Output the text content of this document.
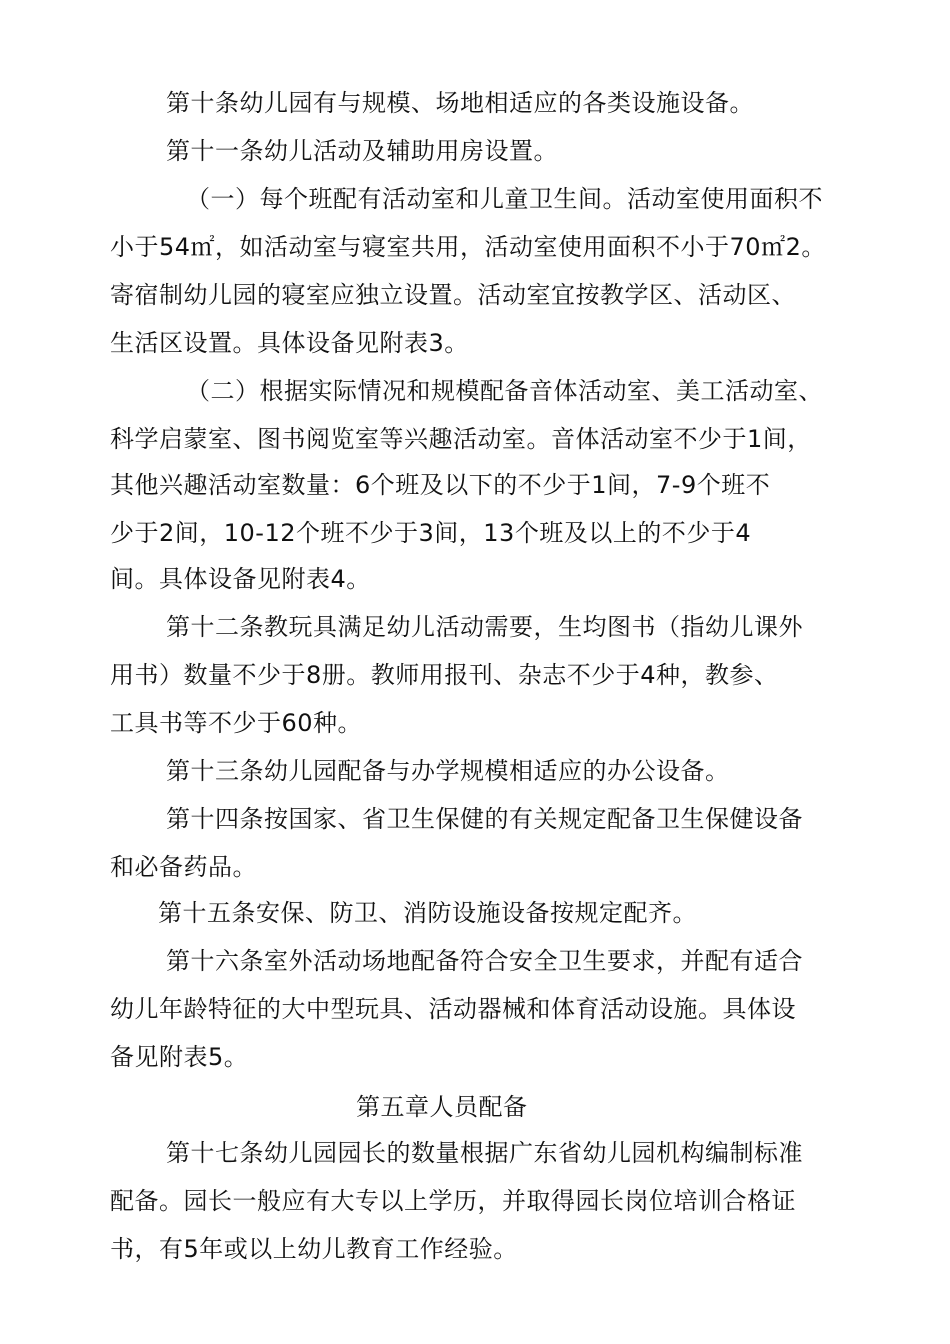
第十条幼儿园有与规模、场地相适应的各类设施设备。

第十一条幼儿活动及辅助用房设置。

（一）每个班配有活动室和儿童卫生间。活动室使用面积不

小于54㎡，如活动室与寝室共用，活动室使用面积不小于70㎡2。

寄宿制幼儿园的寝室应独立设置。活动室宜按教学区、活动区、

生活区设置。具体设备见附表3。

（二）根据实际情况和规模配备音体活动室、美工活动室、

科学启蒙室、图书阅览室等兴趣活动室。音体活动室不少于1间，

其他兴趣活动室数量：6个班及以下的不少于1间，7-9个班不

少于2间，10-12个班不少于3间，13个班及以上的不少于4

间。具体设备见附表4。

第十二条教玩具满足幼儿活动需要，生均图书（指幼儿课外

用书）数量不少于8册。教师用报刊、杂志不少于4种，教参、

工具书等不少于60种。

第十三条幼儿园配备与办学规模相适应的办公设备。

第十四条按国家、省卫生保健的有关规定配备卫生保健设备

和必备药品。

第十五条安保、防卫、消防设施设备按规定配齐。

第十六条室外活动场地配备符合安全卫生要求，并配有适合

幼儿年龄特征的大中型玩具、活动器械和体育活动设施。具体设

备见附表5。

第五章人员配备

第十七条幼儿园园长的数量根据广东省幼儿园机构编制标准

配备。园长一般应有大专以上学历，并取得园长岗位培训合格证

书，有5年或以上幼儿教育工作经验。
